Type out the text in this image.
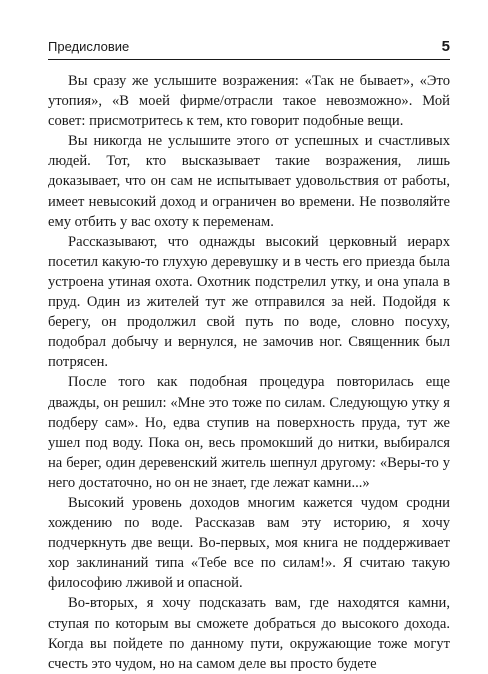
Предисловие	5

Вы сразу же услышите возражения: «Так не бывает», «Это утопия», «В моей фирме/отрасли такое невозможно». Мой совет: присмотритесь к тем, кто говорит подобные вещи.

Вы никогда не услышите этого от успешных и счастливых людей. Тот, кто высказывает такие возражения, лишь доказывает, что он сам не испытывает удовольствия от работы, имеет невысокий доход и ограничен во времени. Не позволяйте ему отбить у вас охоту к переменам.

Рассказывают, что однажды высокий церковный иерарх посетил какую-то глухую деревушку и в честь его приезда была устроена утиная охота. Охотник подстрелил утку, и она упала в пруд. Один из жителей тут же отправился за ней. Подойдя к берегу, он продолжил свой путь по воде, словно посуху, подобрал добычу и вернулся, не замочив ног. Священник был потрясен.

После того как подобная процедура повторилась еще дважды, он решил: «Мне это тоже по силам. Следующую утку я подберу сам». Но, едва ступив на поверхность пруда, тут же ушел под воду. Пока он, весь промокший до нитки, выбирался на берег, один деревенский житель шепнул другому: «Веры-то у него достаточно, но он не знает, где лежат камни...»

Высокий уровень доходов многим кажется чудом сродни хождению по воде. Рассказав вам эту историю, я хочу подчеркнуть две вещи. Во-первых, моя книга не поддерживает хор заклинаний типа «Тебе все по силам!». Я считаю такую философию лживой и опасной.

Во-вторых, я хочу подсказать вам, где находятся камни, ступая по которым вы сможете добраться до высокого дохода. Когда вы пойдете по данному пути, окружающие тоже могут счесть это чудом, но на самом деле вы просто будете
